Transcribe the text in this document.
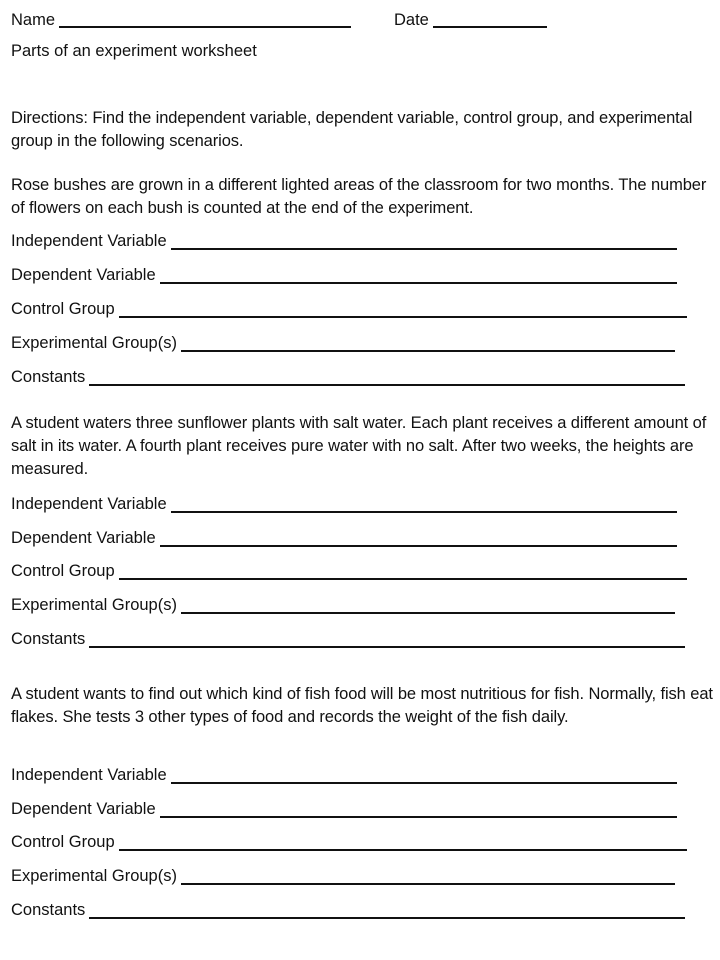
Name	Date
Parts of an experiment worksheet
Directions: Find the independent variable, dependent variable, control group, and experimental group in the following scenarios.
Rose bushes are grown in a different lighted areas of the classroom for two months. The number of flowers on each bush is counted at the end of the experiment.
Independent Variable
Dependent Variable
Control Group
Experimental Group(s)
Constants
A student waters three sunflower plants with salt water. Each plant receives a different amount of salt in its water. A fourth plant receives pure water with no salt. After two weeks, the heights are measured.
Independent Variable
Dependent Variable
Control Group
Experimental Group(s)
Constants
A student wants to find out which kind of fish food will be most nutritious for fish. Normally, fish eat flakes. She tests 3 other types of food and records the weight of the fish daily.
Independent Variable
Dependent Variable
Control Group
Experimental Group(s)
Constants
